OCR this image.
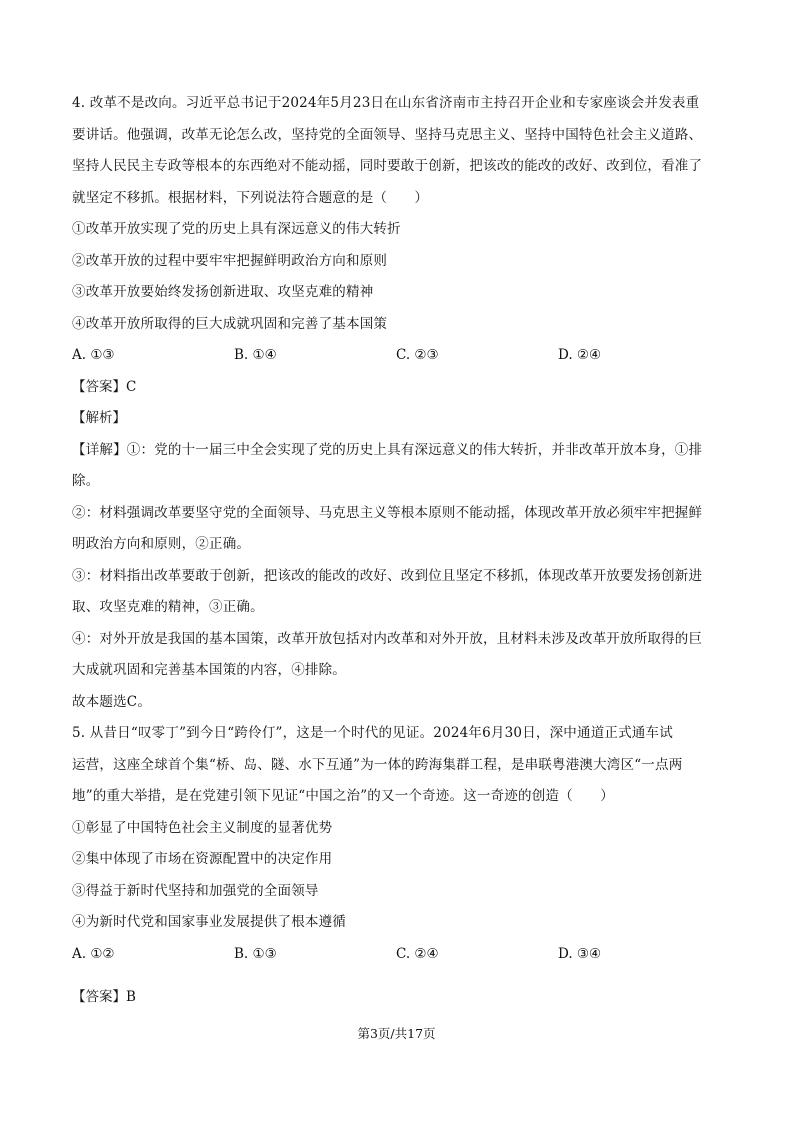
4. 改革不是改向。习近平总书记于2024年5月23日在山东省济南市主持召开企业和专家座谈会并发表重
要讲话。他强调，改革无论怎么改，坚持党的全面领导、坚持马克思主义、坚持中国特色社会主义道路、
坚持人民民主专政等根本的东西绝对不能动摇，同时要敢于创新，把该改的能改的改好、改到位，看准了
就坚定不移抓。根据材料，下列说法符合题意的是（　　）
①改革开放实现了党的历史上具有深远意义的伟大转折
②改革开放的过程中要牢牢把握鲜明政治方向和原则
③改革开放要始终发扬创新进取、攻坚克难的精神
④改革开放所取得的巨大成就巩固和完善了基本国策
A. ①③	B. ①④	C. ②③	D. ②④
【答案】C
【解析】
【详解】①：党的十一届三中全会实现了党的历史上具有深远意义的伟大转折，并非改革开放本身，①排
除。
②：材料强调改革要坚守党的全面领导、马克思主义等根本原则不能动摇，体现改革开放必须牢牢把握鲜
明政治方向和原则，②正确。
③：材料指出改革要敢于创新，把该改的能改的改好、改到位且坚定不移抓，体现改革开放要发扬创新进
取、攻坚克难的精神，③正确。
④：对外开放是我国的基本国策，改革开放包括对内改革和对外开放，且材料未涉及改革开放所取得的巨
大成就巩固和完善基本国策的内容，④排除。
故本题选C。
5. 从昔日“叹零丁”到今日“跨伶仃”，这是一个时代的见证。2024年6月30日，深中通道正式通车试
运营，这座全球首个集“桥、岛、隧、水下互通”为一体的跨海集群工程，是串联粤港澳大湾区“一点两
地”的重大举措，是在党建引领下见证“中国之治”的又一个奇迹。这一奇迹的创造（　　）
①彰显了中国特色社会主义制度的显著优势
②集中体现了市场在资源配置中的决定作用
③得益于新时代坚持和加强党的全面领导
④为新时代党和国家事业发展提供了根本遵循
A. ①②	B. ①③	C. ②④	D. ③④
【答案】B
第3页/共17页
